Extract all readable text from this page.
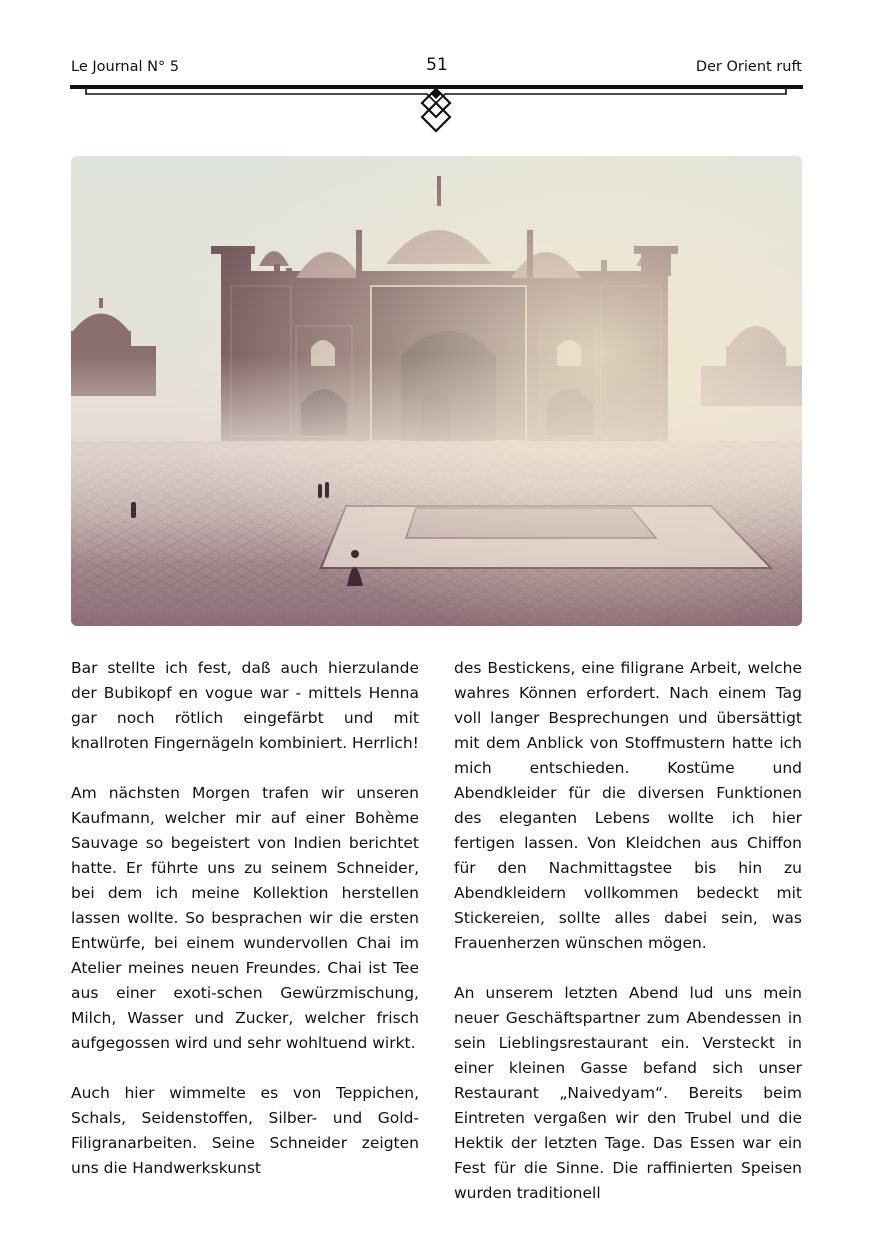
Le Journal N° 5	51	Der Orient ruft

Bar stellte ich fest, daß auch hierzulande der Bubikopf en vogue war - mittels Henna gar noch rötlich eingefärbt und mit knallroten Fingernägeln kombiniert. Herrlich!

Am nächsten Morgen trafen wir unseren Kaufmann, welcher mir auf einer Bohème Sauvage so begeistert von Indien berichtet hatte. Er führte uns zu seinem Schneider, bei dem ich meine Kollektion herstellen lassen wollte. So besprachen wir die ersten Entwürfe, bei einem wundervollen Chai im Atelier meines neuen Freundes. Chai ist Tee aus einer exoti-schen Gewürzmischung, Milch, Wasser und Zucker, welcher frisch aufgegossen wird und sehr wohltuend wirkt.

Auch hier wimmelte es von Teppichen, Schals, Seidenstoffen, Silber- und Gold-Filigranarbeiten. Seine Schneider zeigten uns die Handwerkskunst

des Bestickens, eine filigrane Arbeit, welche wahres Können erfordert. Nach einem Tag voll langer Besprechungen und übersättigt mit dem Anblick von Stoffmustern hatte ich mich entschieden. Kostüme und Abendkleider für die diversen Funktionen des eleganten Lebens wollte ich hier fertigen lassen. Von Kleidchen aus Chiffon für den Nachmittagstee bis hin zu Abendkleidern vollkommen bedeckt mit Stickereien, sollte alles dabei sein, was Frauenherzen wünschen mögen.

An unserem letzten Abend lud uns mein neuer Geschäftspartner zum Abendessen in sein Lieblingsrestaurant ein. Versteckt in einer kleinen Gasse befand sich unser Restaurant „Naivedyam“. Bereits beim Eintreten vergaßen wir den Trubel und die Hektik der letzten Tage. Das Essen war ein Fest für die Sinne. Die raffinierten Speisen wurden traditionell
